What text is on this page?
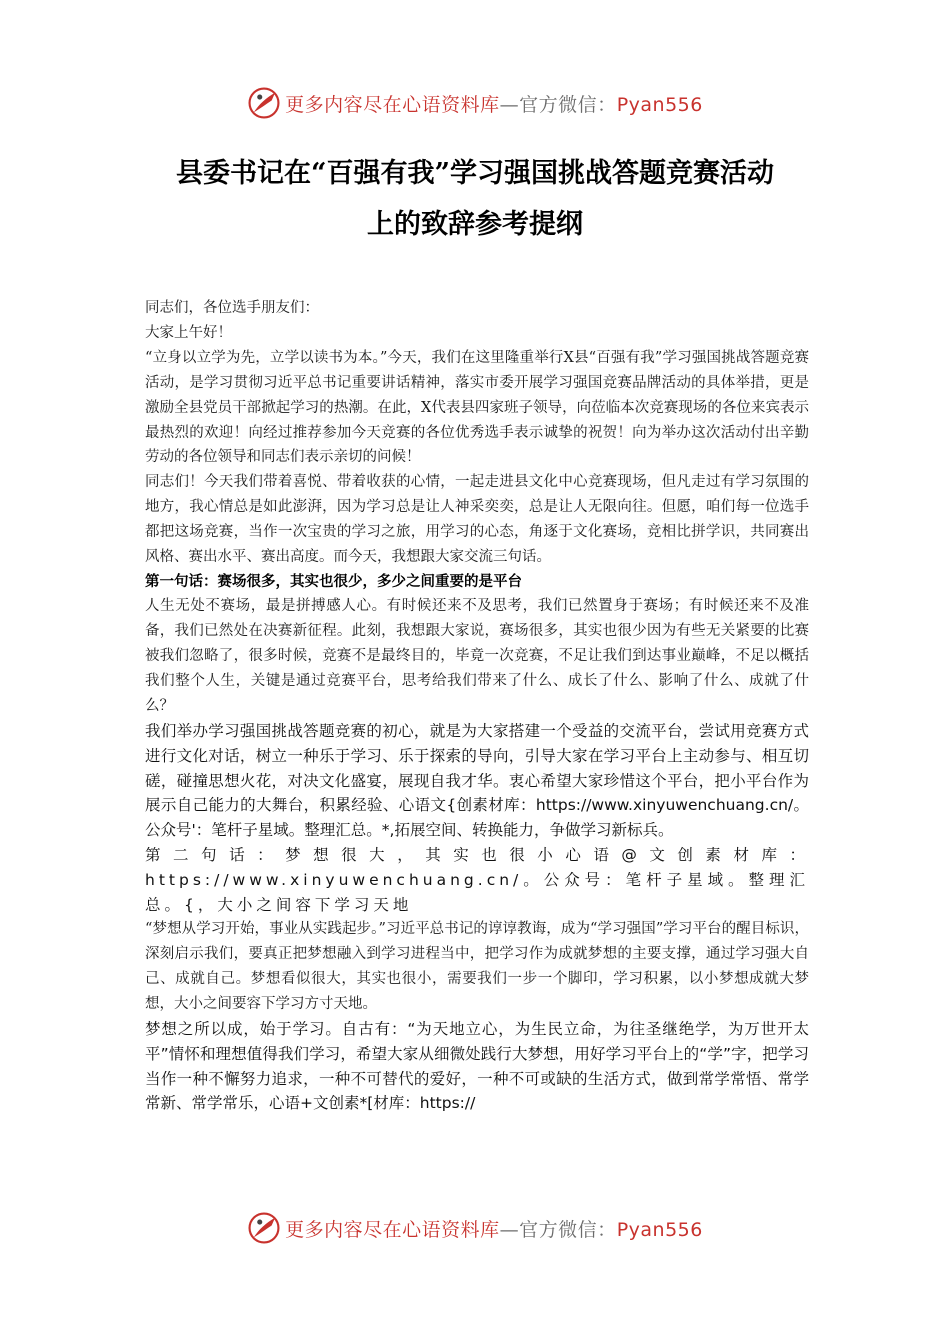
更多内容尽在心语资料库—官方微信：Pyan556
县委书记在“百强有我”学习强国挑战答题竞赛活动
上的致辞参考提纲

同志们，各位选手朋友们：

大家上午好！

“立身以立学为先，立学以读书为本。”今天，我们在这里隆重举行X县“百强有我”学习强国挑战答题竞赛活动，是学习贯彻习近平总书记重要讲话精神，落实市委开展学习强国竞赛品牌活动的具体举措，更是激励全县党员干部掀起学习的热潮。在此，X代表县四家班子领导，向莅临本次竞赛现场的各位来宾表示最热烈的欢迎！向经过推荐参加今天竞赛的各位优秀选手表示诚挚的祝贺！向为举办这次活动付出辛勤劳动的各位领导和同志们表示亲切的问候！

同志们！今天我们带着喜悦、带着收获的心情，一起走进县文化中心竞赛现场，但凡走过有学习氛围的地方，我心情总是如此澎湃，因为学习总是让人神采奕奕，总是让人无限向往。但愿，咱们每一位选手都把这场竞赛，当作一次宝贵的学习之旅，用学习的心态，角逐于文化赛场，竞相比拼学识，共同赛出风格、赛出水平、赛出高度。而今天，我想跟大家交流三句话。

第一句话：赛场很多，其实也很少，多少之间重要的是平台

人生无处不赛场，最是拼搏感人心。有时候还来不及思考，我们已然置身于赛场；有时候还来不及准备，我们已然处在决赛新征程。此刻，我想跟大家说，赛场很多，其实也很少因为有些无关紧要的比赛被我们忽略了，很多时候，竞赛不是最终目的，毕竟一次竞赛，不足让我们到达事业巅峰，不足以概括我们整个人生，关键是通过竞赛平台，思考给我们带来了什么、成长了什么、影响了什么、成就了什么？

我们举办学习强国挑战答题竞赛的初心，就是为大家搭建一个受益的交流平台，尝试用竞赛方式进行文化对话，树立一种乐于学习、乐于探索的导向，引导大家在学习平台上主动参与、相互切磋，碰撞思想火花，对决文化盛宴，展现自我才华。衷心希望大家珍惜这个平台，把小平台作为展示自己能力的大舞台，积累经验、心语文{创素材库：https://www.xinyuwenchuang.cn/。公众号'：笔杆子星域。整理汇总。*,拓展空间、转换能力，争做学习新标兵。

第二句话：梦想很大，其实也很小心语@文创素材库：https://www.xinyuwenchuang.cn/。公众号：笔杆子星域。整理汇总。{，大小之间容下学习天地

“梦想从学习开始，事业从实践起步。”习近平总书记的谆谆教诲，成为“学习强国”学习平台的醒目标识，深刻启示我们，要真正把梦想融入到学习进程当中，把学习作为成就梦想的主要支撑，通过学习强大自己、成就自己。梦想看似很大，其实也很小，需要我们一步一个脚印，学习积累，以小梦想成就大梦想，大小之间要容下学习方寸天地。

梦想之所以成，始于学习。自古有：“为天地立心，为生民立命，为往圣继绝学，为万世开太平”情怀和理想值得我们学习，希望大家从细微处践行大梦想，用好学习平台上的“学”字，把学习当作一种不懈努力追求，一种不可替代的爱好，一种不可或缺的生活方式，做到常学常悟、常学常新、常学常乐，心语+文创素*[材库：https://

更多内容尽在心语资料库—官方微信：Pyan556
